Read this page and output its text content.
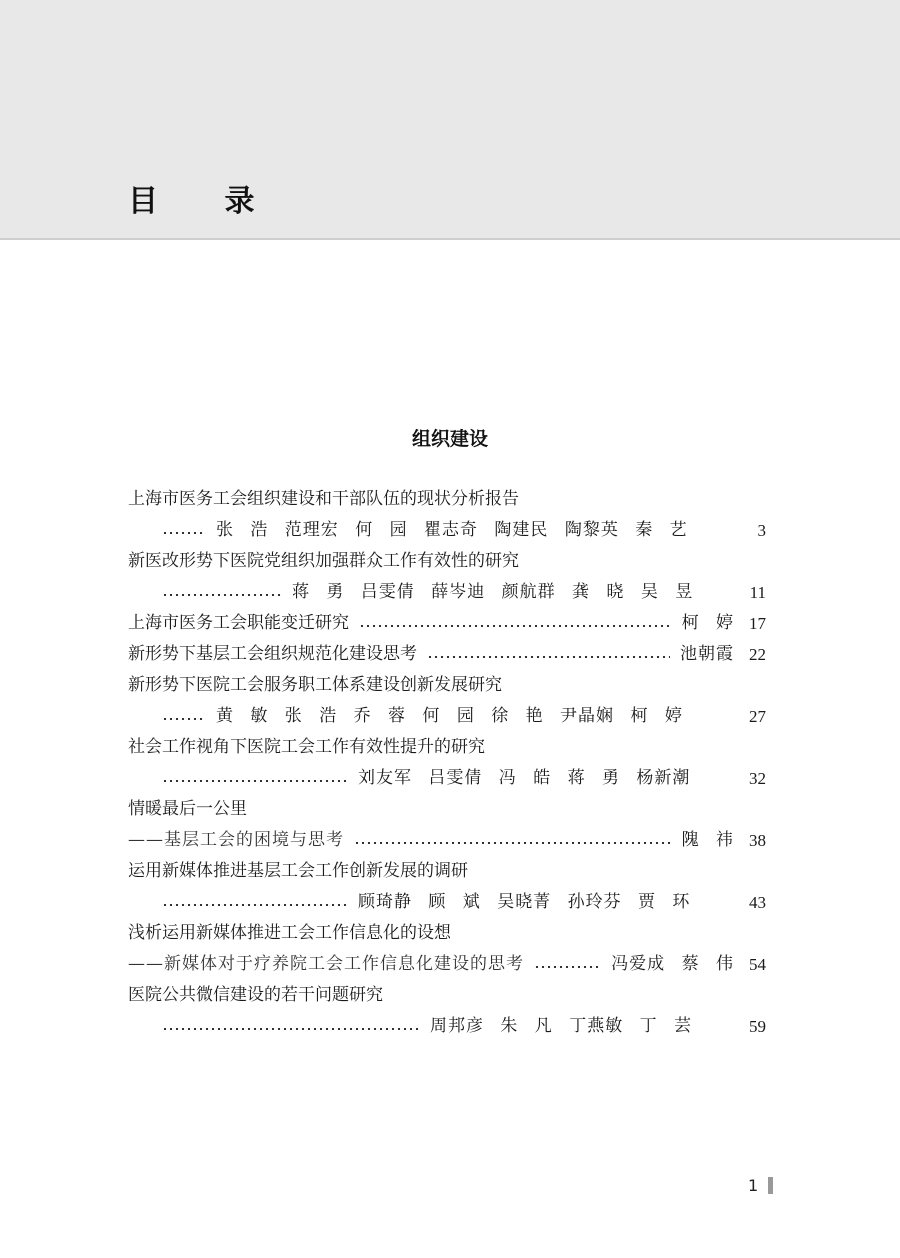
目 录
组织建设
上海市医务工会组织建设和干部队伍的现状分析报告
张 浩 范理宏 何 园 瞿志奇 陶建民 陶黎英 秦 艺	3
新医改形势下医院党组织加强群众工作有效性的研究
蒋 勇 吕雯倩 薛岑迪 颜航群 龚 晓 吴 昱	11
上海市医务工会职能变迁研究	柯 婷 17
新形势下基层工会组织规范化建设思考	池朝霞 22
新形势下医院工会服务职工体系建设创新发展研究
黄 敏 张 浩 乔 蓉 何 园 徐 艳 尹晶娴 柯 婷	27
社会工作视角下医院工会工作有效性提升的研究
刘友军 吕雯倩 冯 皓 蒋 勇 杨新潮	32
情暖最后一公里
——基层工会的困境与思考	隗 祎 38
运用新媒体推进基层工会工作创新发展的调研
顾琦静 顾 斌 吴晓菁 孙玲芬 贾 环	43
浅析运用新媒体推进工会工作信息化的设想
——新媒体对于疗养院工会工作信息化建设的思考	冯爱成 蔡 伟 54
医院公共微信建设的若干问题研究
周邦彦 朱 凡 丁燕敏 丁 芸	59
1
